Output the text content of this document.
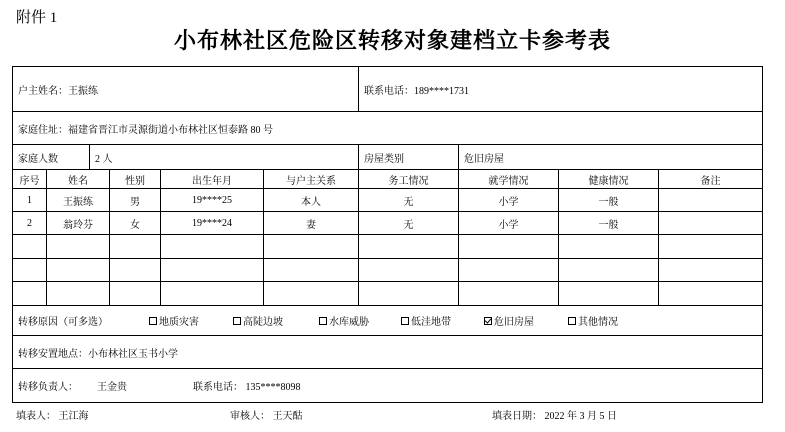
附件 1
小布林社区危险区转移对象建档立卡参考表
户主姓名：王振练	联系电话：189****1731
家庭住址：福建省晋江市灵源街道小布林社区恒泰路 80 号
家庭人数	2 人	房屋类别	危旧房屋
序号	姓名	性别	出生年月	与户主关系	务工情况	就学情况	健康情况	备注
1	王振练	男	19****25	本人	无	小学	一般
2	翁玲芬	女	19****24	妻	无	小学	一般
转移原因（可多选）	地质灾害	高陡边坡	水库威胁	低洼地带	危旧房屋	其他情况
转移安置地点：小布林社区玉书小学
转移负责人： 王金贵	联系电话： 135****8098
填表人： 王江海	审核人： 王天酤	填表日期： 2022 年 3 月 5 日
